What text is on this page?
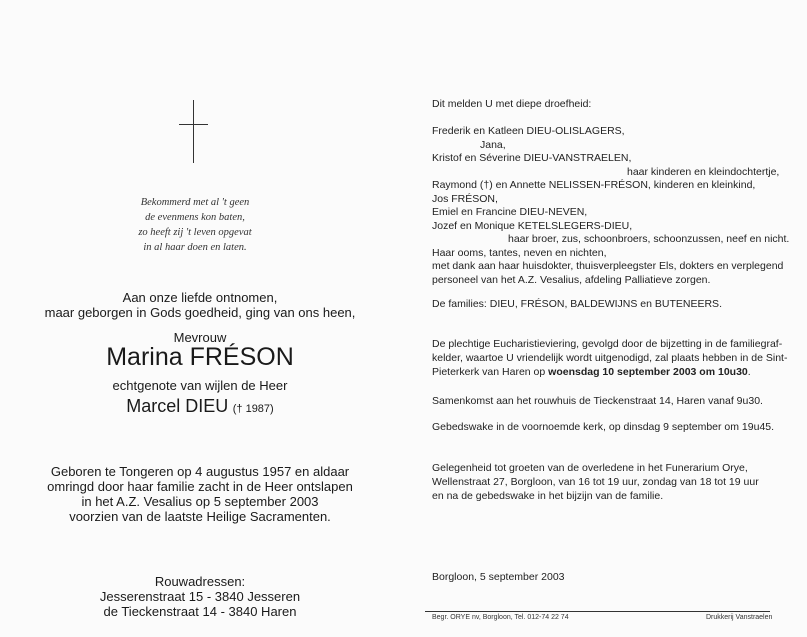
Bekommerd met al 't geen
de evenmens kon baten,
zo heeft zij 't leven opgevat
in al haar doen en laten.
Aan onze liefde ontnomen,
maar geborgen in Gods goedheid, ging van ons heen,
Mevrouw
Marina FRÉSON
echtgenote van wijlen de Heer
Marcel DIEU († 1987)
Geboren te Tongeren op 4 augustus 1957 en aldaar
omringd door haar familie zacht in de Heer ontslapen
in het A.Z. Vesalius op 5 september 2003
voorzien van de laatste Heilige Sacramenten.
Rouwadressen:
Jesserenstraat 15 - 3840 Jesseren
de Tieckenstraat 14 - 3840 Haren
Dit melden U met diepe droefheid:
Frederik en Katleen DIEU-OLISLAGERS,
Jana,
Kristof en Séverine DIEU-VANSTRAELEN,
haar kinderen en kleindochtertje,
Raymond (†) en Annette NELISSEN-FRÉSON, kinderen en kleinkind,
Jos FRÉSON,
Emiel en Francine DIEU-NEVEN,
Jozef en Monique KETELSLEGERS-DIEU,
haar broer, zus, schoonbroers, schoonzussen, neef en nicht.
Haar ooms, tantes, neven en nichten,
met dank aan haar huisdokter, thuisverpleegster Els, dokters en verplegend
personeel van het A.Z. Vesalius, afdeling Palliatieve zorgen.
De families: DIEU, FRÉSON, BALDEWIJNS en BUTENEERS.
De plechtige Eucharistieviering, gevolgd door de bijzetting in de familiegraf-
kelder, waartoe U vriendelijk wordt uitgenodigd, zal plaats hebben in de Sint-
Pieterkerk van Haren op woensdag 10 september 2003 om 10u30.
Samenkomst aan het rouwhuis de Tieckenstraat 14, Haren vanaf 9u30.
Gebedswake in de voornoemde kerk, op dinsdag 9 september om 19u45.
Gelegenheid tot groeten van de overledene in het Funerarium Orye,
Wellenstraat 27, Borgloon, van 16 tot 19 uur, zondag van 18 tot 19 uur
en na de gebedswake in het bijzijn van de familie.
Borgloon, 5 september 2003
Begr. ORYE nv, Borgloon, Tel. 012-74 22 74	Drukkerij Vanstraelen
